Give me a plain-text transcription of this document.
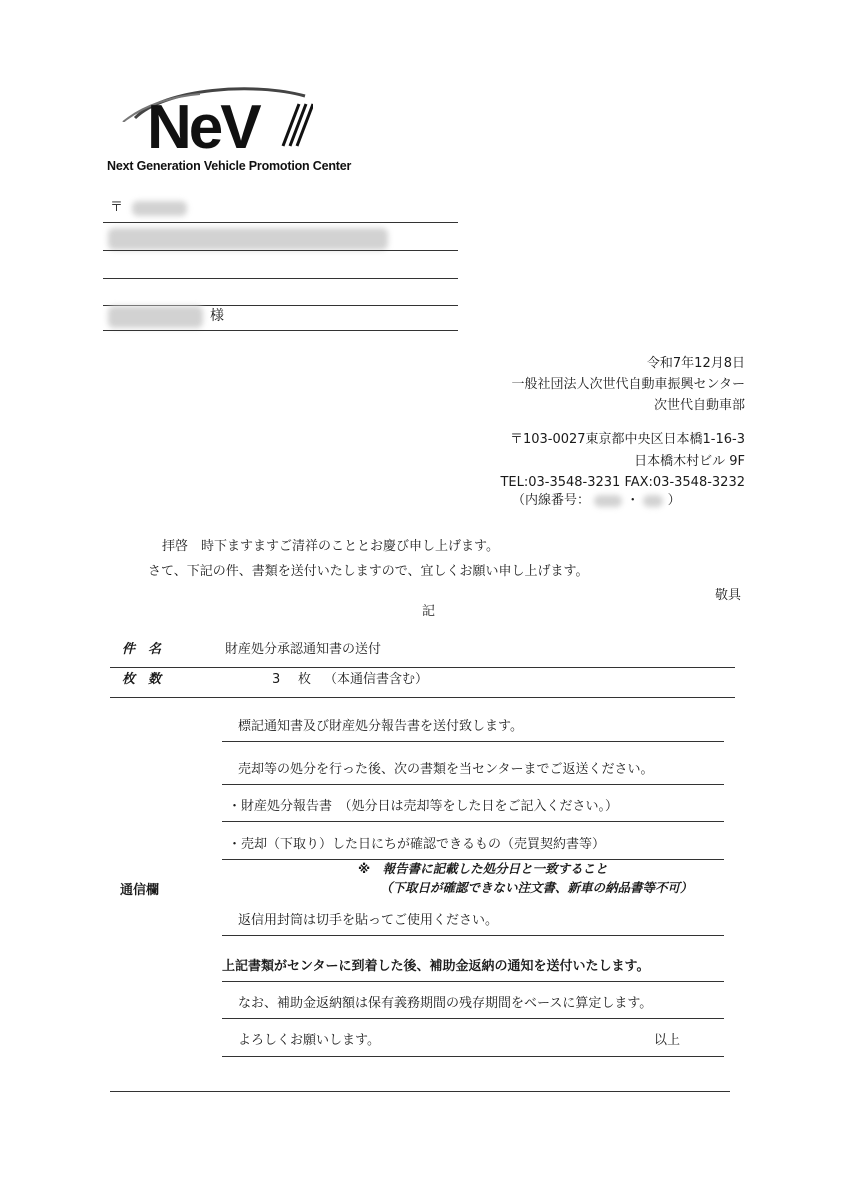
NeV
Next Generation Vehicle Promotion Center
〒
様
令和7年12月8日
一般社団法人次世代自動車振興センター
次世代自動車部
〒103-0027東京都中央区日本橋1-16-3
日本橋木村ビル 9F
TEL:03-3548-3231 FAX:03-3548-3232
（内線番号：	・ ）
拝啓　時下ますますご清祥のこととお慶び申し上げます。
さて、下記の件、書類を送付いたしますので、宜しくお願い申し上げます。
敬具
記
件　名	財産処分承認通知書の送付
枚　数	3 枚 （本通信書含む）
通信欄
標記通知書及び財産処分報告書を送付致します。
売却等の処分を行った後、次の書類を当センターまでご返送ください。
・財産処分報告書　（処分日は売却等をした日をご記入ください。）
・売却（下取り）した日にちが確認できるもの（売買契約書等）
※　報告書に記載した処分日と一致すること
（下取日が確認できない注文書、新車の納品書等不可）
返信用封筒は切手を貼ってご使用ください。
上記書類がセンターに到着した後、補助金返納の通知を送付いたします。
なお、補助金返納額は保有義務期間の残存期間をベースに算定します。
よろしくお願いします。	以上
